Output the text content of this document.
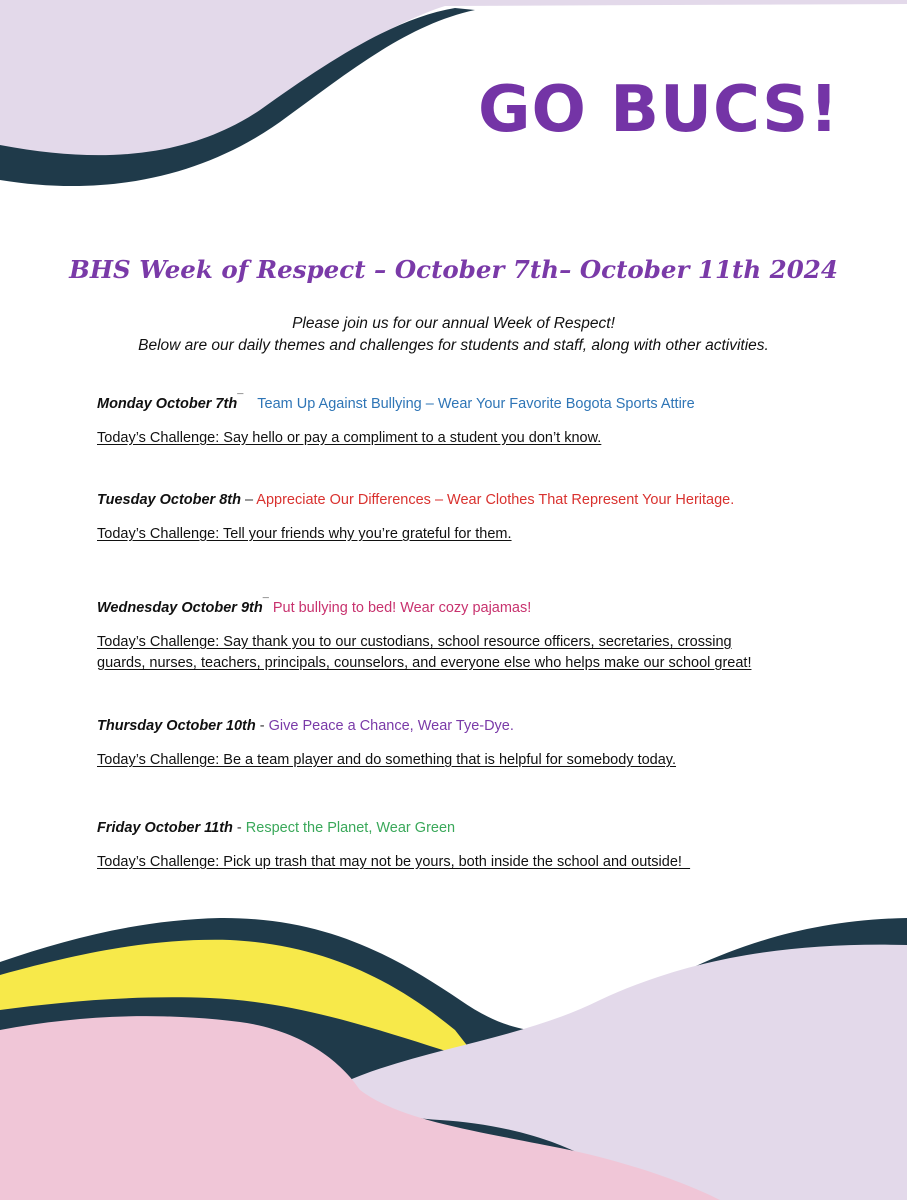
GO BUCS!
BHS Week of Respect – October 7th– October 11th 2024
Please join us for our annual Week of Respect!
Below are our daily themes and challenges for students and staff, along with other activities.
Monday October 7th¯ Team Up Against Bullying – Wear Your Favorite Bogota Sports Attire
Today’s Challenge: Say hello or pay a compliment to a student you don’t know.
Tuesday October 8th – Appreciate Our Differences – Wear Clothes That Represent Your Heritage.
Today’s Challenge: Tell your friends why you’re grateful for them.
Wednesday October 9th¯ Put bullying to bed! Wear cozy pajamas!
Today’s Challenge: Say thank you to our custodians, school resource officers, secretaries, crossing
guards, nurses, teachers, principals, counselors, and everyone else who helps make our school great!
Thursday October 10th - Give Peace a Chance, Wear Tye-Dye.
Today’s Challenge: Be a team player and do something that is helpful for somebody today.
Friday October 11th - Respect the Planet, Wear Green
Today’s Challenge: Pick up trash that may not be yours, both inside the school and outside!_
